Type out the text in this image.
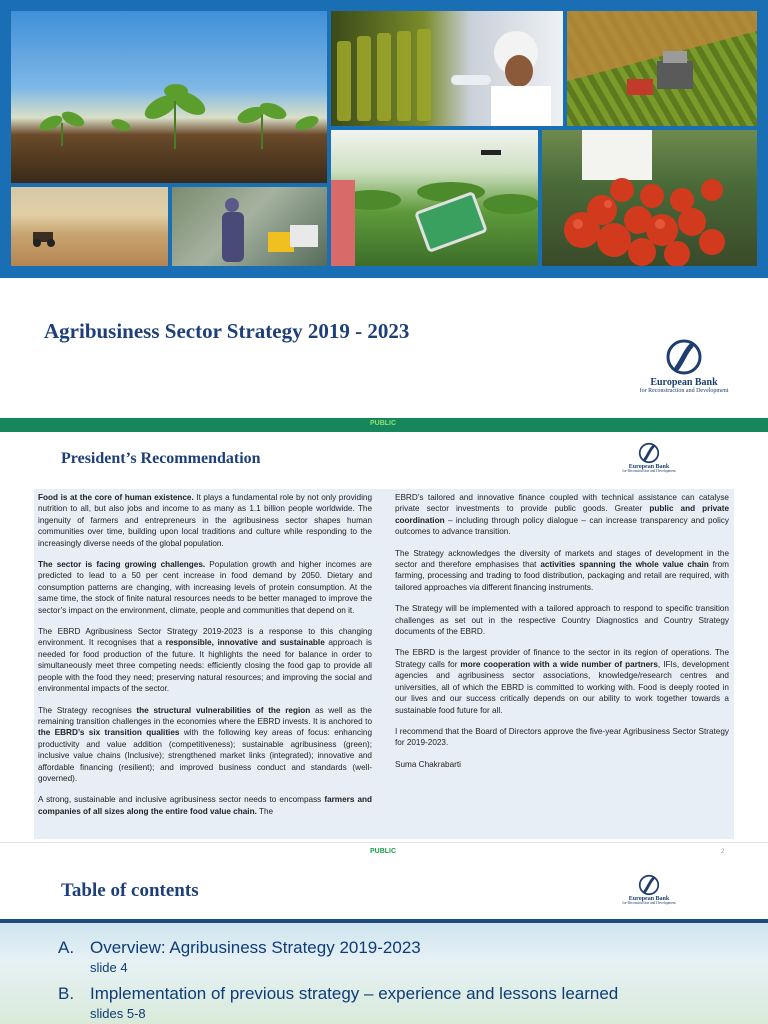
Agribusiness Sector Strategy 2019 - 2023
European Bank
for Reconstruction and Development
PUBLIC
President’s Recommendation	European Bank
for Reconstruction and Development

Food is at the core of human existence. It plays a fundamental role by not only providing nutrition to all, but also jobs and income to as many as 1.1 billion people worldwide. The ingenuity of farmers and entrepreneurs in the agribusiness sector shapes human communities over time, building upon local traditions and culture while responding to the increasingly diverse needs of the global population.

The sector is facing growing challenges. Population growth and higher incomes are predicted to lead to a 50 per cent increase in food demand by 2050. Dietary and consumption patterns are changing, with increasing levels of protein consumption. At the same time, the stock of finite natural resources needs to be better managed to improve the sector’s impact on the environment, climate, people and communities that depend on it.

The EBRD Agribusiness Sector Strategy 2019-2023 is a response to this changing environment. It recognises that a responsible, innovative and sustainable approach is needed for food production of the future. It highlights the need for balance in order to simultaneously meet three competing needs: efficiently closing the food gap to provide all people with the food they need; preserving natural resources; and improving the social and environmental impacts of the sector.

The Strategy recognises the structural vulnerabilities of the region as well as the remaining transition challenges in the economies where the EBRD invests. It is anchored to the EBRD’s six transition qualities with the following key areas of focus: enhancing productivity and value addition (competitiveness); sustainable agribusiness (green); inclusive value chains (Inclusive); strengthened market links (integrated); innovative and affordable financing (resilient); and improved business conduct and standards (well-governed).

A strong, sustainable and inclusive agribusiness sector needs to encompass farmers and companies of all sizes along the entire food value chain. The

EBRD’s tailored and innovative finance coupled with technical assistance can catalyse private sector investments to provide public goods. Greater public and private coordination – including through policy dialogue – can increase transparency and policy outcomes to advance transition.

The Strategy acknowledges the diversity of markets and stages of development in the sector and therefore emphasises that activities spanning the whole value chain from farming, processing and trading to food distribution, packaging and retail are required, with tailored approaches via different financing instruments.

The Strategy will be implemented with a tailored approach to respond to specific transition challenges as set out in the respective Country Diagnostics and Country Strategy documents of the EBRD.

The EBRD is the largest provider of finance to the sector in its region of operations. The Strategy calls for more cooperation with a wide number of partners, IFIs, development agencies and agribusiness sector associations, knowledge/research centres and universities, all of which the EBRD is committed to working with. Food is deeply rooted in our lives and our success critically depends on our ability to work together towards a sustainable food future for all.

I recommend that the Board of Directors approve the five-year Agribusiness Sector Strategy for 2019-2023.

Suma Chakrabarti

PUBLIC	2
Table of contents	European Bank
for Reconstruction and Development
A. Overview: Agribusiness Strategy 2019-2023
slide 4
B. Implementation of previous strategy – experience and lessons learned
slides 5-8
